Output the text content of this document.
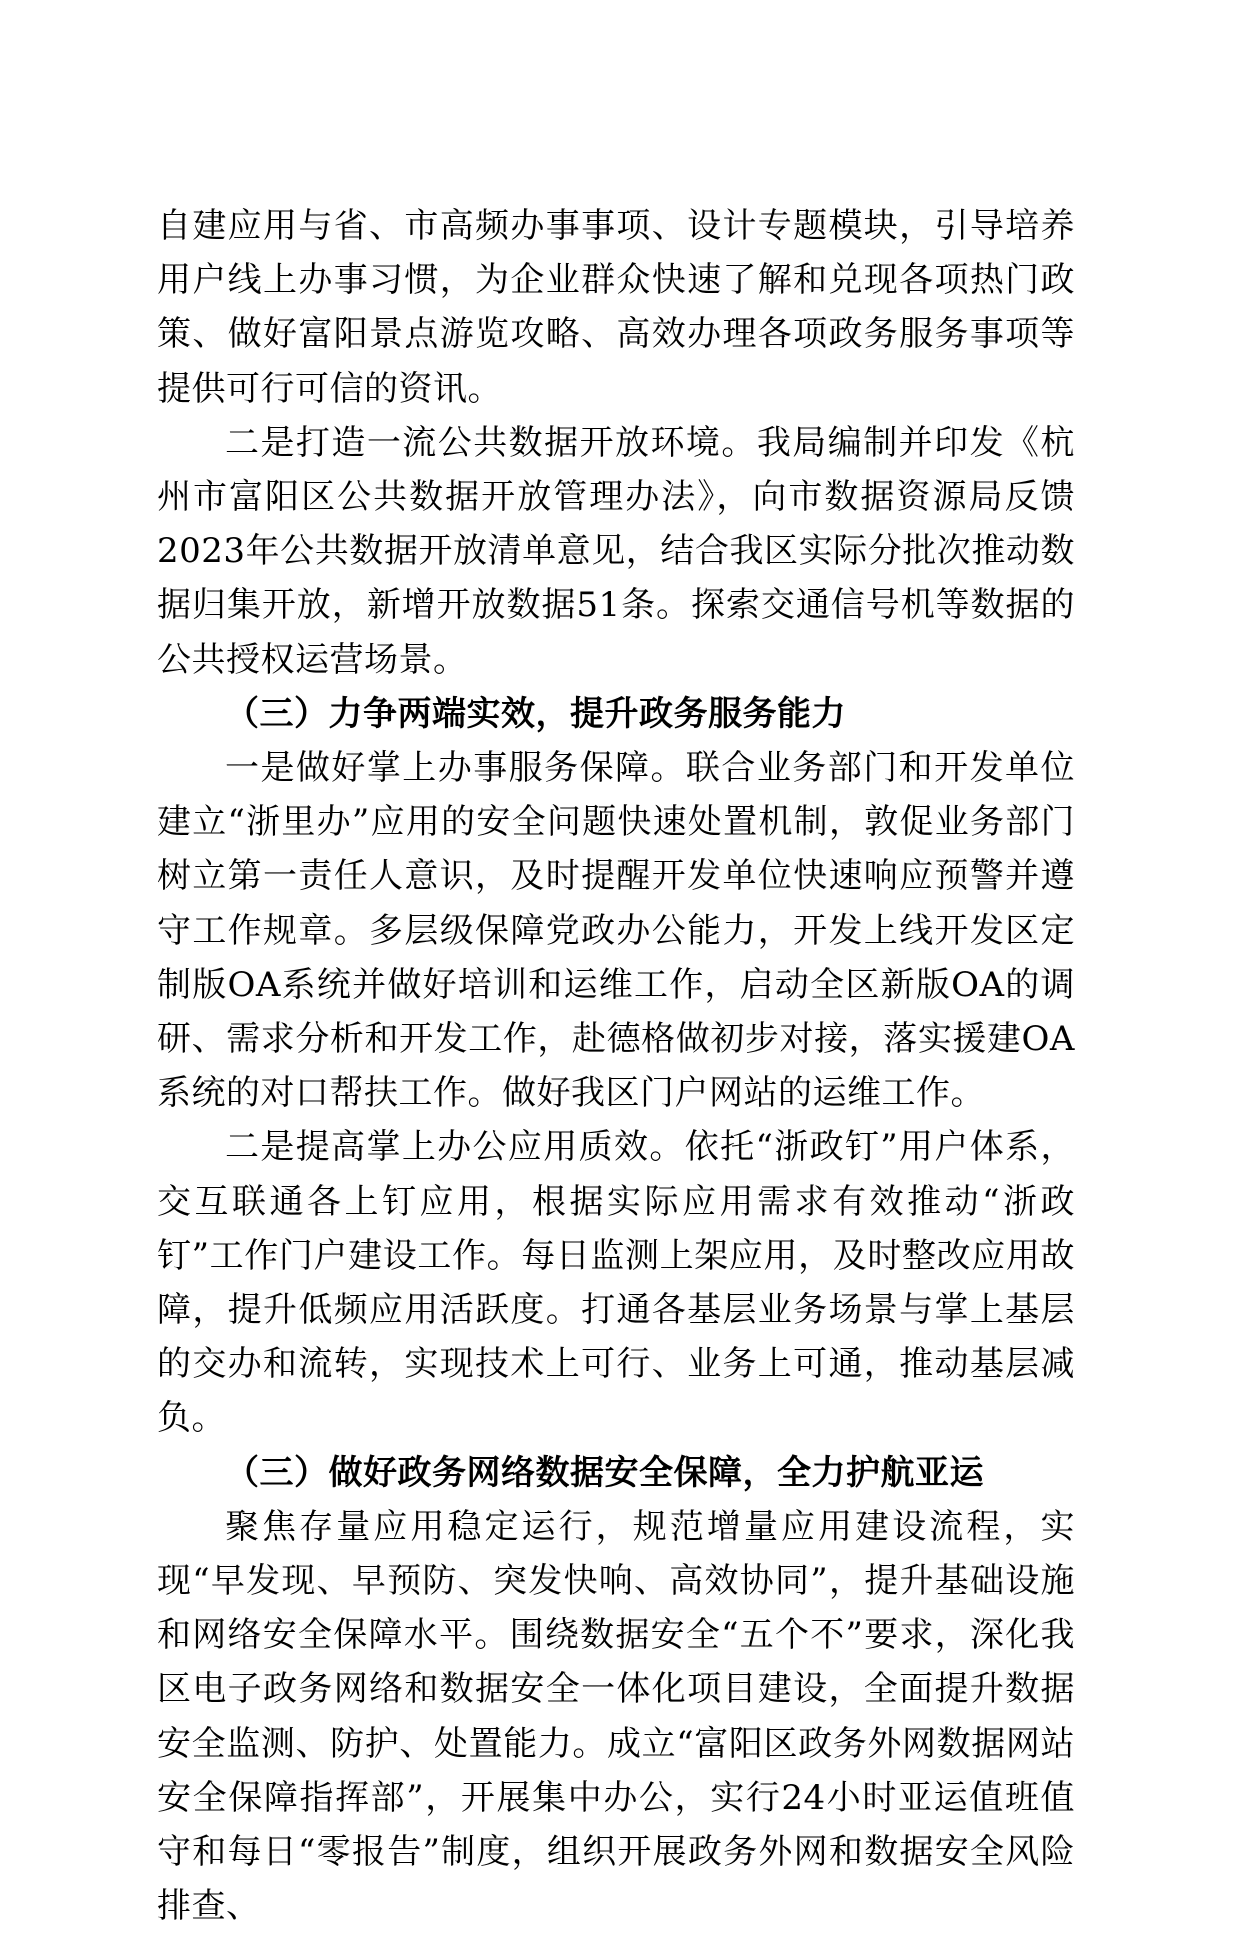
自建应用与省、市高频办事事项、设计专题模块，引导培养用户线上办事习惯，为企业群众快速了解和兑现各项热门政策、做好富阳景点游览攻略、高效办理各项政务服务事项等提供可行可信的资讯。

二是打造一流公共数据开放环境。我局编制并印发《杭州市富阳区公共数据开放管理办法》，向市数据资源局反馈2023年公共数据开放清单意见，结合我区实际分批次推动数据归集开放，新增开放数据51条。探索交通信号机等数据的公共授权运营场景。

（三）力争两端实效，提升政务服务能力

一是做好掌上办事服务保障。联合业务部门和开发单位建立“浙里办”应用的安全问题快速处置机制，敦促业务部门树立第一责任人意识，及时提醒开发单位快速响应预警并遵守工作规章。多层级保障党政办公能力，开发上线开发区定制版OA系统并做好培训和运维工作，启动全区新版OA的调研、需求分析和开发工作，赴德格做初步对接，落实援建OA系统的对口帮扶工作。做好我区门户网站的运维工作。

二是提高掌上办公应用质效。依托“浙政钉”用户体系，交互联通各上钉应用，根据实际应用需求有效推动“浙政钉”工作门户建设工作。每日监测上架应用，及时整改应用故障，提升低频应用活跃度。打通各基层业务场景与掌上基层的交办和流转，实现技术上可行、业务上可通，推动基层减负。

（三）做好政务网络数据安全保障，全力护航亚运

聚焦存量应用稳定运行，规范增量应用建设流程，实现“早发现、早预防、突发快响、高效协同”，提升基础设施和网络安全保障水平。围绕数据安全“五个不”要求，深化我区电子政务网络和数据安全一体化项目建设，全面提升数据安全监测、防护、处置能力。成立“富阳区政务外网数据网站安全保障指挥部”，开展集中办公，实行24小时亚运值班值守和每日“零报告”制度，组织开展政务外网和数据安全风险排查、
